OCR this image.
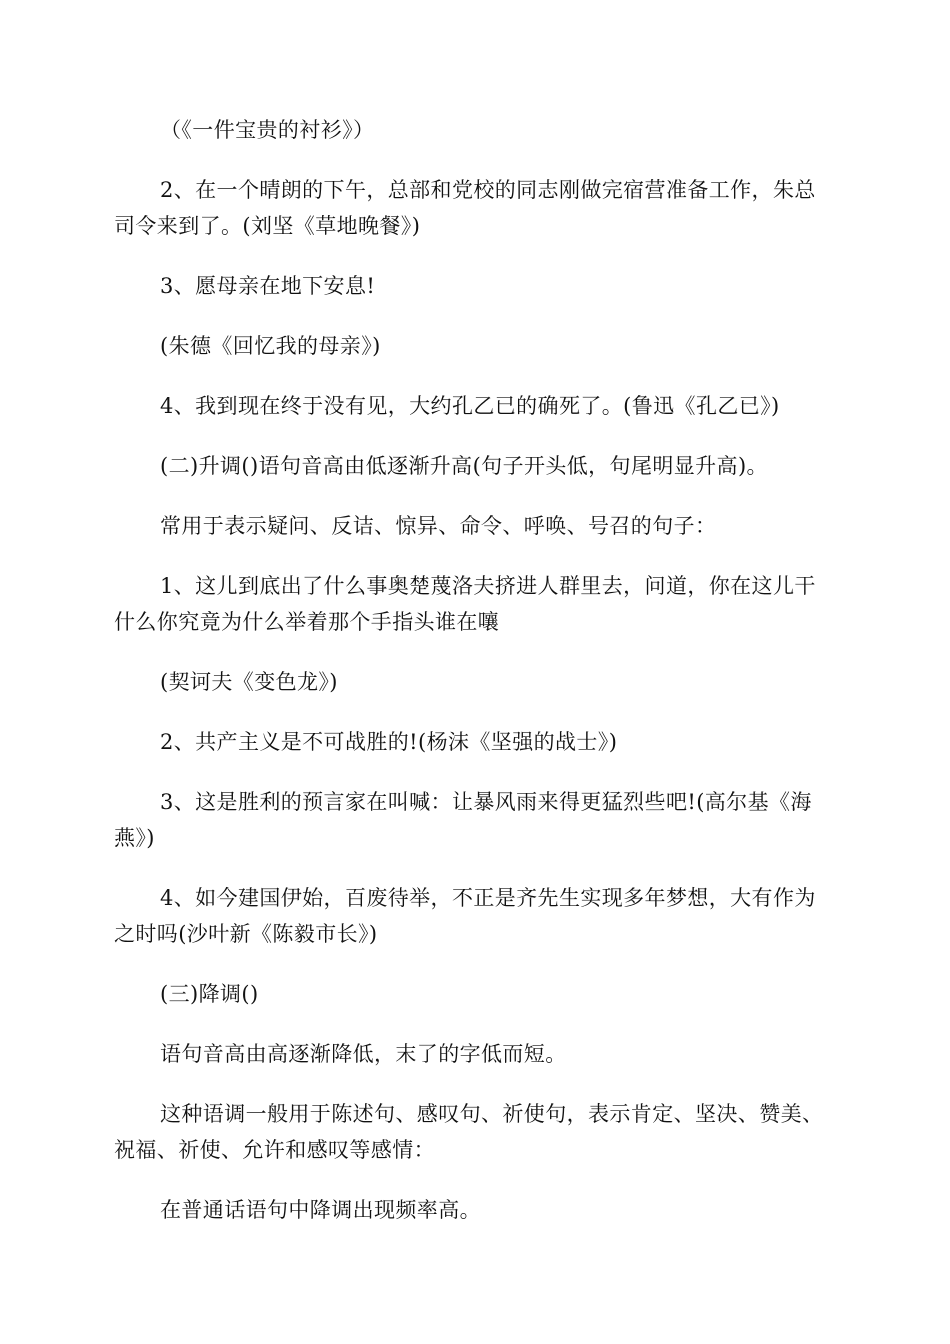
（《一件宝贵的衬衫》）

2、在一个晴朗的下午，总部和党校的同志刚做完宿营准备工作，朱总司令来到了。(刘坚《草地晚餐》)

3、愿母亲在地下安息!

(朱德《回忆我的母亲》)

4、我到现在终于没有见，大约孔乙已的确死了。(鲁迅《孔乙已》)

(二)升调()语句音高由低逐渐升高(句子开头低，句尾明显升高)。

常用于表示疑问、反诘、惊异、命令、呼唤、号召的句子：

1、这儿到底出了什么事奥楚蔑洛夫挤进人群里去，问道，你在这儿干什么你究竟为什么举着那个手指头谁在嚷

(契诃夫《变色龙》)

2、共产主义是不可战胜的!(杨沫《坚强的战士》)

3、这是胜利的预言家在叫喊：让暴风雨来得更猛烈些吧!(高尔基《海燕》)

4、如今建国伊始，百废待举，不正是齐先生实现多年梦想，大有作为之时吗(沙叶新《陈毅市长》)

(三)降调()

语句音高由高逐渐降低，末了的字低而短。

这种语调一般用于陈述句、感叹句、祈使句，表示肯定、坚决、赞美、祝福、祈使、允许和感叹等感情：

在普通话语句中降调出现频率高。
